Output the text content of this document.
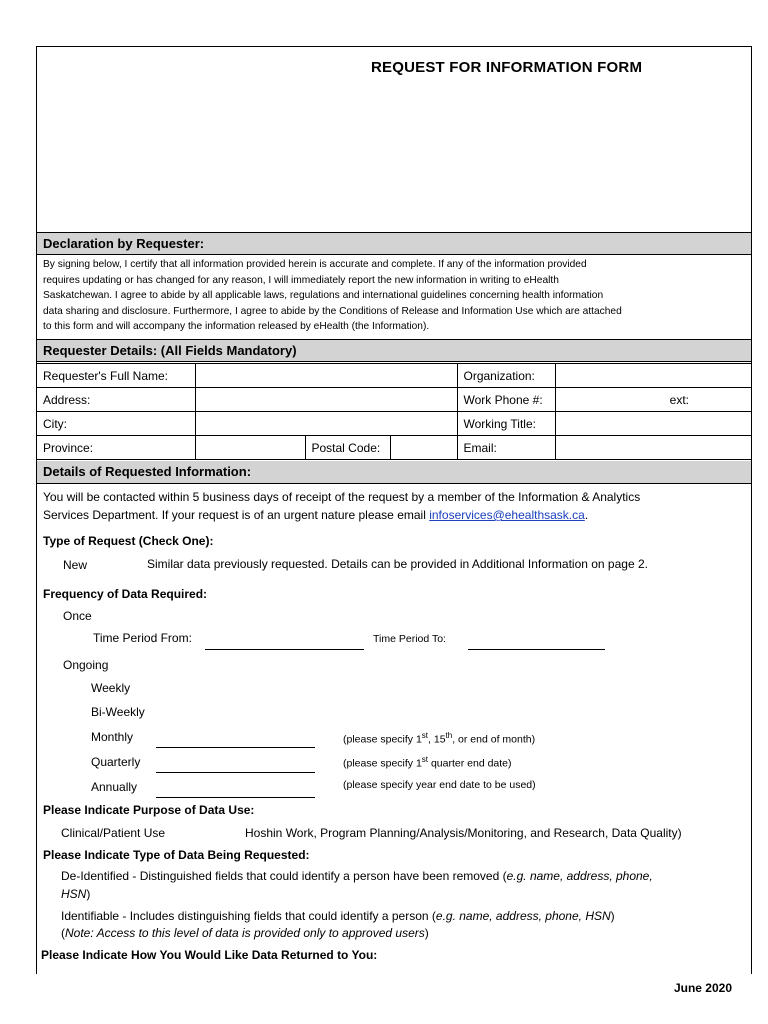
REQUEST FOR INFORMATION FORM
Declaration by Requester:
By signing below, I certify that all information provided herein is accurate and complete. If any of the information provided
requires updating or has changed for any reason, I will immediately report the new information in writing to eHealth
Saskatchewan. I agree to abide by all applicable laws, regulations and international guidelines concerning health information
data sharing and disclosure. Furthermore, I agree to abide by the Conditions of Release and Information Use which are attached
to this form and will accompany the information released by eHealth (the Information).
Requester Details: (All Fields Mandatory)
Requester's Full Name:				Organization:	
Address:				Work Phone #:	ext:
City:				Working Title:	
Province:		Postal Code:		Email:	
Details of Requested Information:
You will be contacted within 5 business days of receipt of the request by a member of the Information & Analytics
Services Department. If your request is of an urgent nature please email infoservices@ehealthsask.ca.
Type of Request (Check One):
New	Similar data previously requested. Details can be provided in Additional Information on page 2.
Frequency of Data Required:
Once
Time Period From:	Time Period To:
Ongoing
Weekly
Bi-Weekly
Monthly	(please specify 1st, 15th, or end of month)
Quarterly	(please specify 1st quarter end date)
Annually	(please specify year end date to be used)
Please Indicate Purpose of Data Use:
Clinical/Patient Use	Hoshin Work, Program Planning/Analysis/Monitoring, and Research, Data Quality)
Please Indicate Type of Data Being Requested:
De-Identified - Distinguished fields that could identify a person have been removed (e.g. name, address, phone,
HSN)
Identifiable - Includes distinguishing fields that could identify a person (e.g. name, address, phone, HSN)
(Note: Access to this level of data is provided only to approved users)
Please Indicate How You Would Like Data Returned to You:
June 2020
